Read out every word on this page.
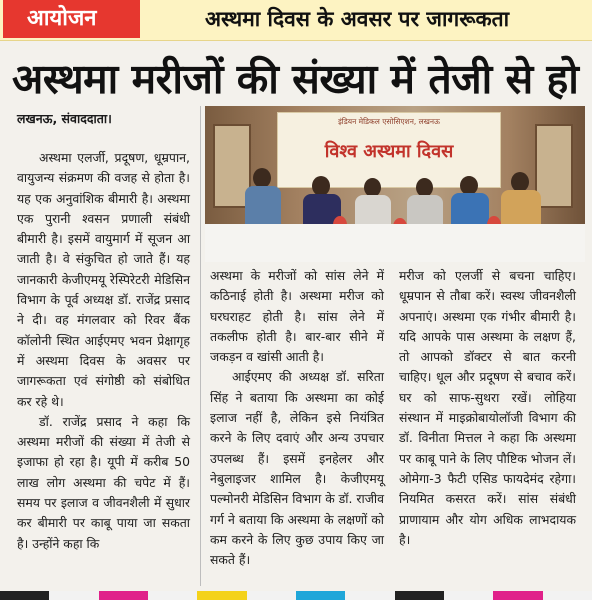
आयोजन	अस्थमा दिवस के अवसर पर जागरूकता
अस्थमा मरीजों की संख्या में तेजी से हो
लखनऊ, संवाददाता।

अस्थमा एलर्जी, प्रदूषण, धूम्रपान, वायुजन्य संक्रमण की वजह से होता है। यह एक अनुवांशिक बीमारी है। अस्थमा एक पुरानी श्वसन प्रणाली संबंधी बीमारी है। इसमें वायुमार्ग में सूजन आ जाती है। वे संकुचित हो जाते हैं। यह जानकारी केजीएमयू रेस्पिरेटरी मेडिसिन विभाग के पूर्व अध्यक्ष डॉ. राजेंद्र प्रसाद ने दी। वह मंगलवार को रिवर बैंक कॉलोनी स्थित आईएमए भवन प्रेक्षागृह में अस्थमा दिवस के अवसर पर जागरूकता एवं संगोष्ठी को संबोधित कर रहे थे।

डॉ. राजेंद्र प्रसाद ने कहा कि अस्थमा मरीजों की संख्या में तेजी से इजाफा हो रहा है। यूपी में करीब 50 लाख लोग अस्थमा की चपेट में हैं। समय पर इलाज व जीवनशैली में सुधार कर बीमारी पर काबू पाया जा सकता है। उन्होंने कहा कि

इंडियन मेडिकल एसोसिएशन, लखनऊ
विश्व अस्थमा दिवस

अस्थमा के मरीजों को सांस लेने में कठिनाई होती है। अस्थमा मरीज को घरघराहट होती है। सांस लेने में तकलीफ होती है। बार-बार सीने में जकड़न व खांसी आती है।

आईएमए की अध्यक्ष डॉ. सरिता सिंह ने बताया कि अस्थमा का कोई इलाज नहीं है, लेकिन इसे नियंत्रित करने के लिए दवाएं और अन्य उपचार उपलब्ध हैं। इसमें इनहेलर और नेबुलाइजर शामिल है। केजीएमयू पल्मोनरी मेडिसिन विभाग के डॉ. राजीव गर्ग ने बताया कि अस्थमा के लक्षणों को कम करने के लिए कुछ उपाय किए जा सकते हैं।

मरीज को एलर्जी से बचना चाहिए। धूम्रपान से तौबा करें। स्वस्थ जीवनशैली अपनाएं। अस्थमा एक गंभीर बीमारी है। यदि आपके पास अस्थमा के लक्षण हैं, तो आपको डॉक्टर से बात करनी चाहिए। धूल और प्रदूषण से बचाव करें। घर को साफ-सुथरा रखें। लोहिया संस्थान में माइक्रोबायोलॉजी विभाग की डॉ. विनीता मित्तल ने कहा कि अस्थमा पर काबू पाने के लिए पौष्टिक भोजन लें। ओमेगा-3 फैटी एसिड फायदेमंद रहेगा। नियमित कसरत करें। सांस संबंधी प्राणायाम और योग अधिक लाभदायक है।
